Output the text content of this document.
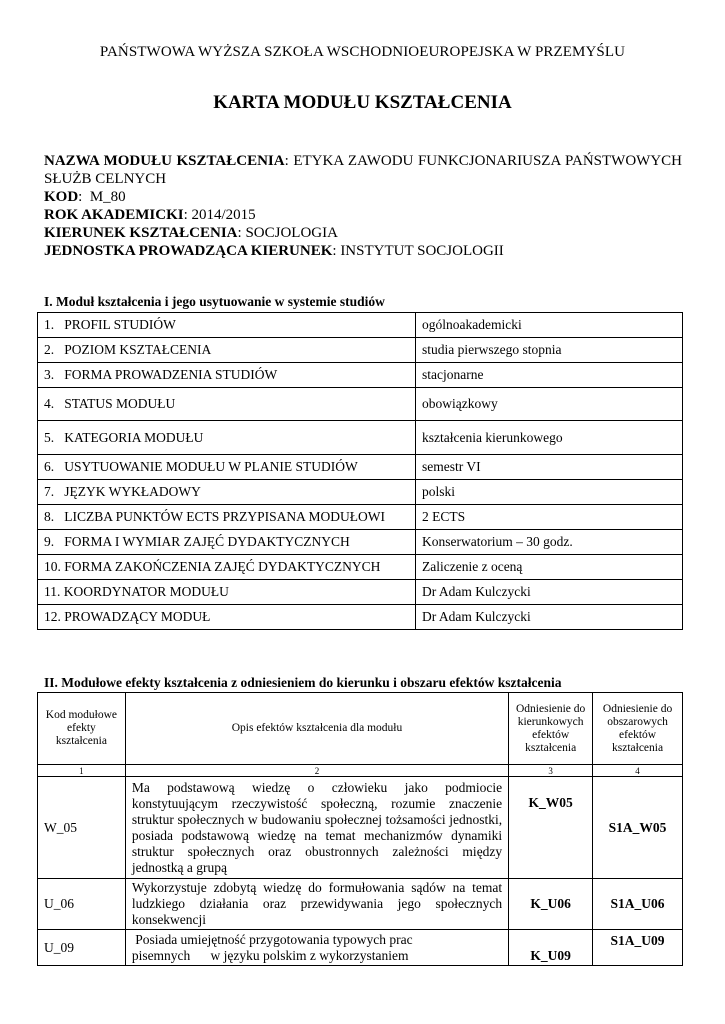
PAŃSTWOWA WYŻSZA SZKOŁA WSCHODNIOEUROPEJSKA W PRZEMYŚLU
KARTA MODUŁU KSZTAŁCENIA
NAZWA MODUŁU KSZTAŁCENIA: ETYKA ZAWODU FUNKCJONARIUSZA PAŃSTWOWYCH SŁUŻB CELNYCH
KOD:  M_80
ROK AKADEMICKI: 2014/2015
KIERUNEK KSZTAŁCENIA: SOCJOLOGIA
JEDNOSTKA PROWADZĄCA KIERUNEK: INSTYTUT SOCJOLOGII
I. Moduł kształcenia i jego usytuowanie w systemie studiów
1.   PROFIL STUDIÓW	ogólnoakademicki
2.   POZIOM KSZTAŁCENIA	studia pierwszego stopnia
3.   FORMA PROWADZENIA STUDIÓW	stacjonarne
4.   STATUS MODUŁU	obowiązkowy
5.   KATEGORIA MODUŁU	kształcenia kierunkowego
6.   USYTUOWANIE MODUŁU W PLANIE STUDIÓW	semestr VI
7.   JĘZYK WYKŁADOWY	polski
8.   LICZBA PUNKTÓW ECTS PRZYPISANA MODUŁOWI	2 ECTS
9.   FORMA I WYMIAR ZAJĘĆ DYDAKTYCZNYCH	Konserwatorium – 30 godz.
10. FORMA ZAKOŃCZENIA ZAJĘĆ DYDAKTYCZNYCH	Zaliczenie z oceną
11. KOORDYNATOR MODUŁU	Dr Adam Kulczycki
12. PROWADZĄCY MODUŁ	Dr Adam Kulczycki
II. Modułowe efekty kształcenia z odniesieniem do kierunku i obszaru efektów kształcenia
Kod modułowe efekty kształcenia	Opis efektów kształcenia dla modułu	Odniesienie do kierunkowych efektów kształcenia	Odniesienie do obszarowych efektów kształcenia
1	2	3	4
W_05	Ma podstawową wiedzę o człowieku jako podmiocie konstytuującym rzeczywistość społeczną, rozumie znaczenie struktur społecznych w budowaniu społecznej tożsamości jednostki, posiada podstawową wiedzę na temat mechanizmów dynamiki struktur społecznych oraz obustronnych zależności między jednostką a grupą	K_W05	S1A_W05
U_06	Wykorzystuje zdobytą wiedzę do formułowania sądów na temat ludzkiego działania oraz przewidywania jego społecznych konsekwencji	K_U06	S1A_U06
U_09	Posiada umiejętność przygotowania typowych prac
pisemnych      w języku polskim z wykorzystaniem	K_U09	S1A_U09
